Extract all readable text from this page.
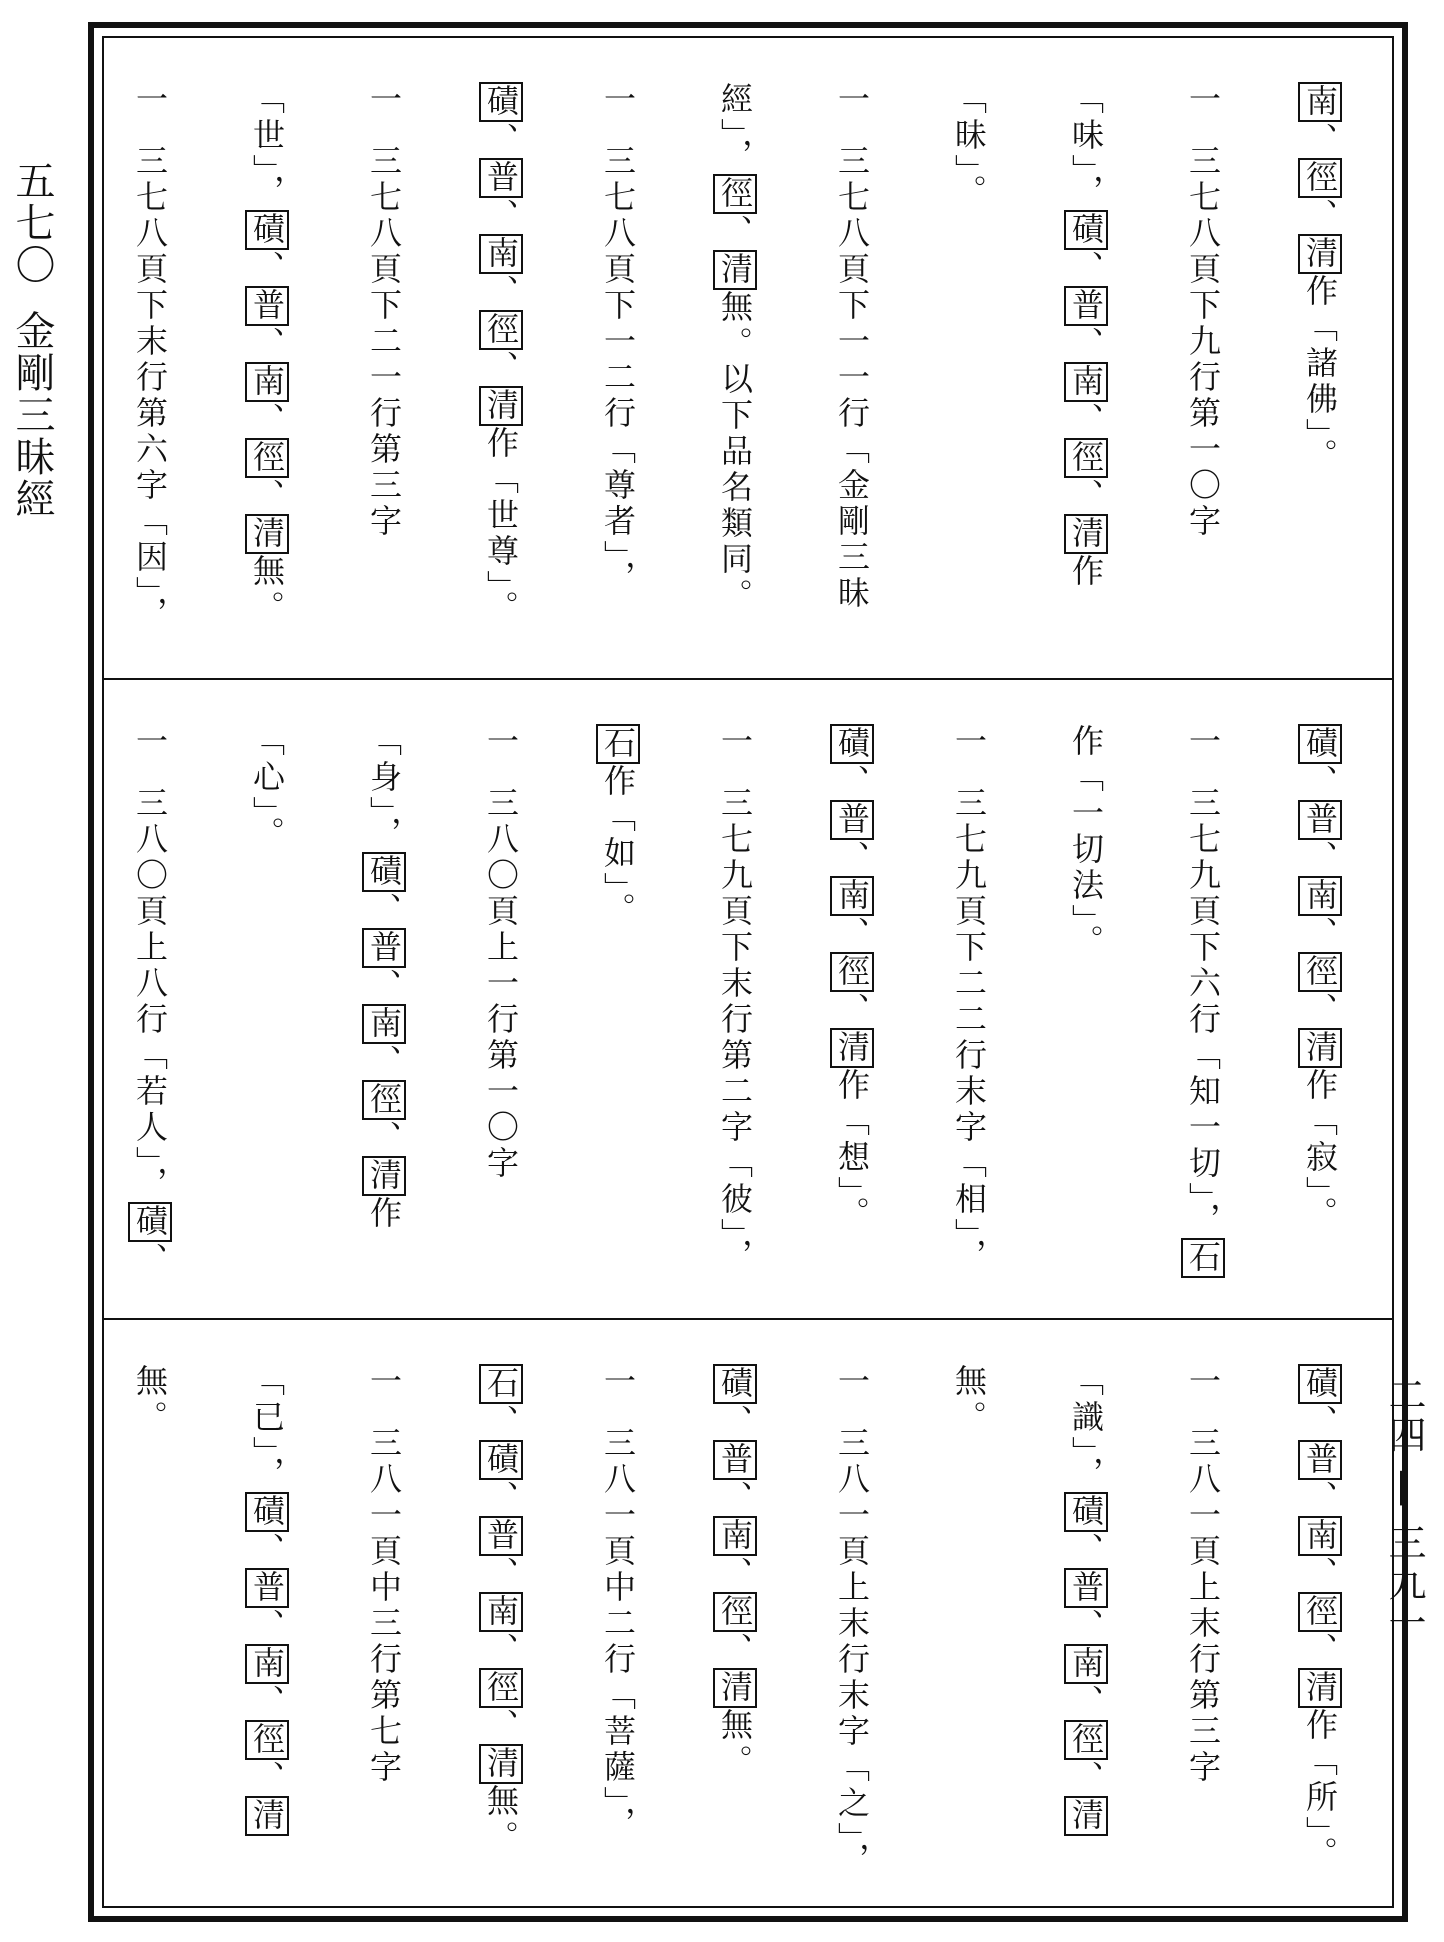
五七〇金剛三昧經
二四 — 三九一

南、徑、清作「諸佛」。

一三七八頁下九行第一〇字「味」，磧、普、南、徑、清作「昧」。

一三七八頁下一一行「金剛三昧經」，徑、清無。以下品名類同。

一三七八頁下一二行「尊者」，磧、普、南、徑、清作「世尊」。

一三七八頁下二一行第三字「世」，磧、普、南、徑、清無。

一三七八頁下末行第六字「因」，

磧、普、南、徑、清作「寂」。

一三七九頁下六行「知一切」，石作「一切法」。

一三七九頁下二二行末字「相」，磧、普、南、徑、清作「想」。

一三七九頁下末行第二字「彼」，石作「如」。

一三八〇頁上一行第一〇字「身」，磧、普、南、徑、清作「心」。

一三八〇頁上八行「若人」，磧、

磧、普、南、徑、清作「所」。

一三八一頁上末行第三字「識」，磧、普、南、徑、清無。

一三八一頁上末行末字「之」，磧、普、南、徑、清無。

一三八一頁中二行「菩薩」，石、磧、普、南、徑、清無。

一三八一頁中三行第七字「已」，磧、普、南、徑、清無。
